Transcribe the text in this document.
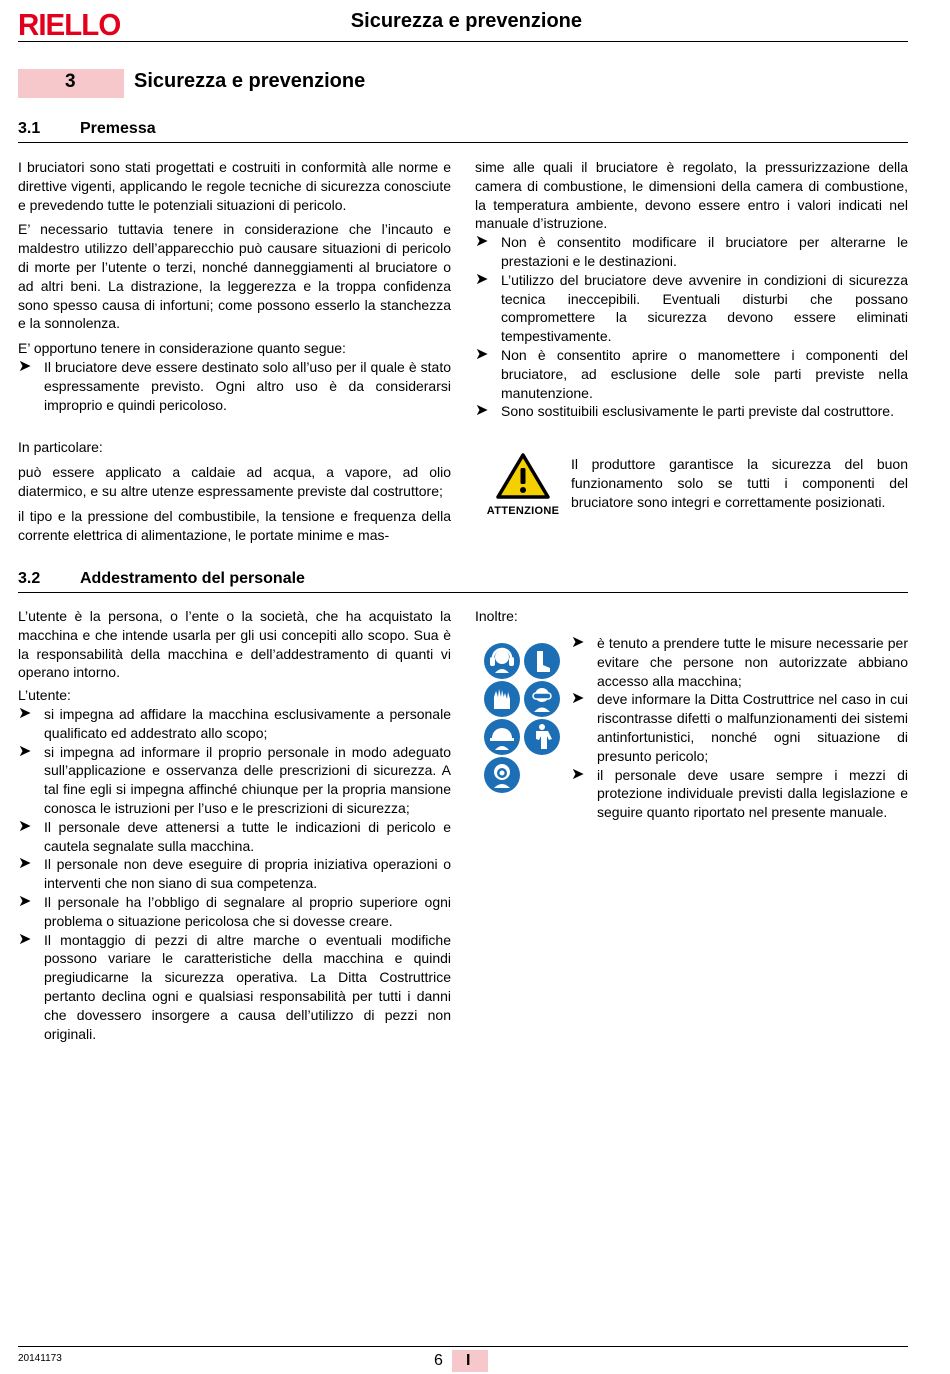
RIELLO	Sicurezza e prevenzione
3	Sicurezza e prevenzione
3.1 Premessa

I bruciatori sono stati progettati e costruiti in conformità alle norme e direttive vigenti, applicando le regole tecniche di sicurezza conosciute e prevedendo tutte le potenziali situazioni di pericolo.

E’ necessario tuttavia tenere in considerazione che l’incauto e maldestro utilizzo dell’apparecchio può causare situazioni di pericolo di morte per l’utente o terzi, nonché danneggiamenti al bruciatore o ad altri beni. La distrazione, la leggerezza e la troppa confidenza sono spesso causa di infortuni; come possono esserlo la stanchezza e la sonnolenza.

E’ opportuno tenere in considerazione quanto segue:

➤ Il bruciatore deve essere destinato solo all’uso per il quale è stato espressamente previsto. Ogni altro uso è da considerarsi improprio e quindi pericoloso.

In particolare:

può essere applicato a caldaie ad acqua, a vapore, ad olio diatermico, e su altre utenze espressamente previste dal costruttore;

il tipo e la pressione del combustibile, la tensione e frequenza della corrente elettrica di alimentazione, le portate minime e mas-

sime alle quali il bruciatore è regolato, la pressurizzazione della camera di combustione, le dimensioni della camera di combustione, la temperatura ambiente, devono essere entro i valori indicati nel manuale d’istruzione.

➤ Non è consentito modificare il bruciatore per alterarne le prestazioni e le destinazioni.
➤ L’utilizzo del bruciatore deve avvenire in condizioni di sicurezza tecnica ineccepibili. Eventuali disturbi che possano compromettere la sicurezza devono essere eliminati tempestivamente.
➤ Non è consentito aprire o manomettere i componenti del bruciatore, ad esclusione delle sole parti previste nella manutenzione.
➤ Sono sostituibili esclusivamente le parti previste dal costruttore.
ATTENZIONE
Il produttore garantisce la sicurezza del buon funzionamento solo se tutti i componenti del bruciatore sono integri e correttamente posizionati.
3.2 Addestramento del personale

L’utente è la persona, o l’ente o la società, che ha acquistato la macchina e che intende usarla per gli usi concepiti allo scopo. Sua è la responsabilità della macchina e dell’addestramento di quanti vi operano intorno.

L’utente:

➤ si impegna ad affidare la macchina esclusivamente a personale qualificato ed addestrato allo scopo;
➤ si impegna ad informare il proprio personale in modo adeguato sull’applicazione e osservanza delle prescrizioni di sicurezza. A tal fine egli si impegna affinché chiunque per la propria mansione conosca le istruzioni per l’uso e le prescrizioni di sicurezza;
➤ Il personale deve attenersi a tutte le indicazioni di pericolo e cautela segnalate sulla macchina.
➤ Il personale non deve eseguire di propria iniziativa operazioni o interventi che non siano di sua competenza.
➤ Il personale ha l’obbligo di segnalare al proprio superiore ogni problema o situazione pericolosa che si dovesse creare.
➤ Il montaggio di pezzi di altre marche o eventuali modifiche possono variare le caratteristiche della macchina e quindi pregiudicarne la sicurezza operativa. La Ditta Costruttrice pertanto declina ogni e qualsiasi responsabilità per tutti i danni che dovessero insorgere a causa dell’utilizzo di pezzi non originali.
Inoltre:
➤ è tenuto a prendere tutte le misure necessarie per evitare che persone non autorizzate abbiano accesso alla macchina;
➤ deve informare la Ditta Costruttrice nel caso in cui riscontrasse difetti o malfunzionamenti dei sistemi antinfortunistici, nonché ogni situazione di presunto pericolo;
➤ il personale deve usare sempre i mezzi di protezione individuale previsti dalla legislazione e seguire quanto riportato nel presente manuale.
20141173	6 I
